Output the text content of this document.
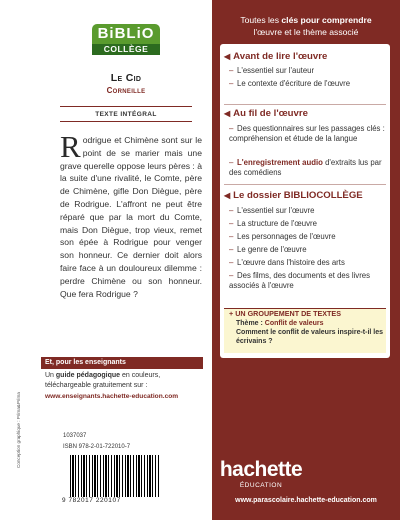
BiBLiO
COLLÈGE
Le Cid
Corneille
TEXTE INTÉGRAL
Rodrigue et Chimène sont sur le point de se marier mais une grave querelle oppose leurs pères : à la suite d'une rivalité, le Comte, père de Chimène, gifle Don Diègue, père de Rodrigue. L'affront ne peut être réparé que par la mort du Comte, mais Don Diègue, trop vieux, remet son épée à Rodrigue pour venger son honneur. Ce dernier doit alors faire face à un douloureux dilemme : perdre Chimène ou son honneur. Que fera Rodrigue ?
Et, pour les enseignants
Un guide pédagogique en couleurs,
téléchargeable gratuitement sur :
www.enseignants.hachette-education.com
Conception graphique : Prima&Prima	1037037
ISBN 978-2-01-722010-7
9 782017 220107
Toutes les clés pour comprendre
l'œuvre et le thème associé
◀ Avant de lire l'œuvre
– L'essentiel sur l'auteur
– Le contexte d'écriture de l'œuvre
◀ Au fil de l'œuvre
– Des questionnaires sur les passages clés : compréhension et étude de la langue
– L'enregistrement audio d'extraits lus par des comédiens
◀ Le dossier BIBLIOCOLLÈGE
– L'essentiel sur l'œuvre
– La structure de l'œuvre
– Les personnages de l'œuvre
– Le genre de l'œuvre
– L'œuvre dans l'histoire des arts
– Des films, des documents et des livres associés à l'œuvre
+ UN GROUPEMENT DE TEXTES
Thème : Conflit de valeurs
Comment le conflit de valeurs inspire-t-il les écrivains ?
hachette
ÉDUCATION
www.parascolaire.hachette-education.com
